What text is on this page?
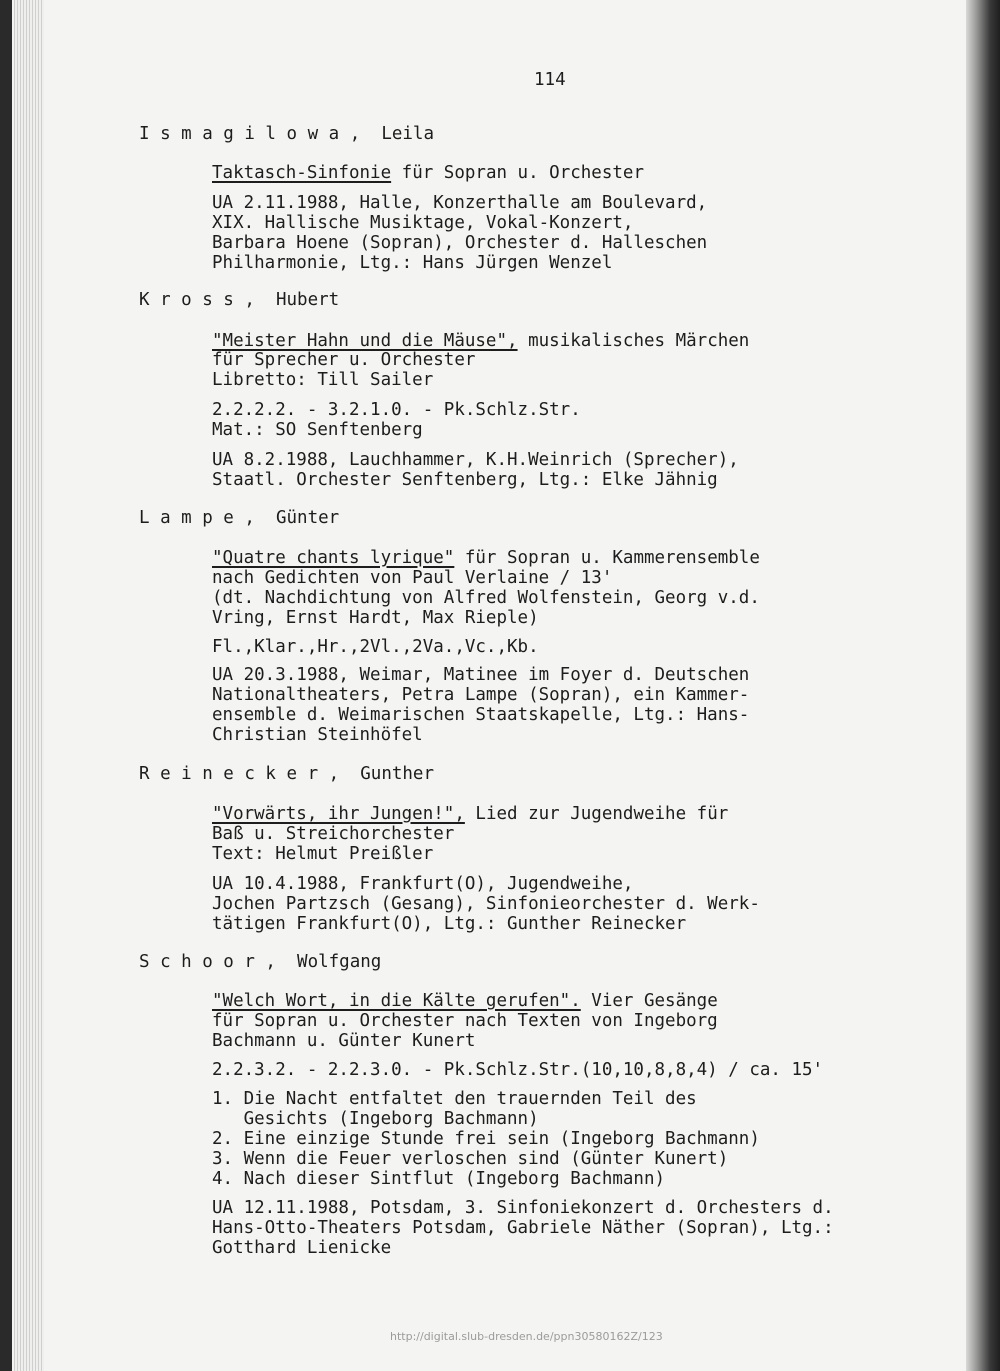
114
I s m a g i l o w a ,  Leila
Taktasch-Sinfonie für Sopran u. Orchester
UA 2.11.1988, Halle, Konzerthalle am Boulevard,
XIX. Hallische Musiktage, Vokal-Konzert,
Barbara Hoene (Sopran), Orchester d. Halleschen
Philharmonie, Ltg.: Hans Jürgen Wenzel
K r o s s ,  Hubert
"Meister Hahn und die Mäuse", musikalisches Märchen
für Sprecher u. Orchester
Libretto: Till Sailer
2.2.2.2. - 3.2.1.0. - Pk.Schlz.Str.
Mat.: SO Senftenberg
UA 8.2.1988, Lauchhammer, K.H.Weinrich (Sprecher),
Staatl. Orchester Senftenberg, Ltg.: Elke Jähnig
L a m p e ,  Günter
"Quatre chants lyrique" für Sopran u. Kammerensemble
nach Gedichten von Paul Verlaine / 13'
(dt. Nachdichtung von Alfred Wolfenstein, Georg v.d.
Vring, Ernst Hardt, Max Rieple)
Fl.,Klar.,Hr.,2Vl.,2Va.,Vc.,Kb.
UA 20.3.1988, Weimar, Matinee im Foyer d. Deutschen
Nationaltheaters, Petra Lampe (Sopran), ein Kammer-
ensemble d. Weimarischen Staatskapelle, Ltg.: Hans-
Christian Steinhöfel
R e i n e c k e r ,  Gunther
"Vorwärts, ihr Jungen!", Lied zur Jugendweihe für
Baß u. Streichorchester
Text: Helmut Preißler
UA 10.4.1988, Frankfurt(O), Jugendweihe,
Jochen Partzsch (Gesang), Sinfonieorchester d. Werk-
tätigen Frankfurt(O), Ltg.: Gunther Reinecker
S c h o o r ,  Wolfgang
"Welch Wort, in die Kälte gerufen". Vier Gesänge
für Sopran u. Orchester nach Texten von Ingeborg
Bachmann u. Günter Kunert
2.2.3.2. - 2.2.3.0. - Pk.Schlz.Str.(10,10,8,8,4) / ca. 15'
1. Die Nacht entfaltet den trauernden Teil des
Gesichts (Ingeborg Bachmann)
2. Eine einzige Stunde frei sein (Ingeborg Bachmann)
3. Wenn die Feuer verloschen sind (Günter Kunert)
4. Nach dieser Sintflut (Ingeborg Bachmann)
UA 12.11.1988, Potsdam, 3. Sinfoniekonzert d. Orchesters d.
Hans-Otto-Theaters Potsdam, Gabriele Näther (Sopran), Ltg.:
Gotthard Lienicke
http://digital.slub-dresden.de/ppn30580162Z/123
